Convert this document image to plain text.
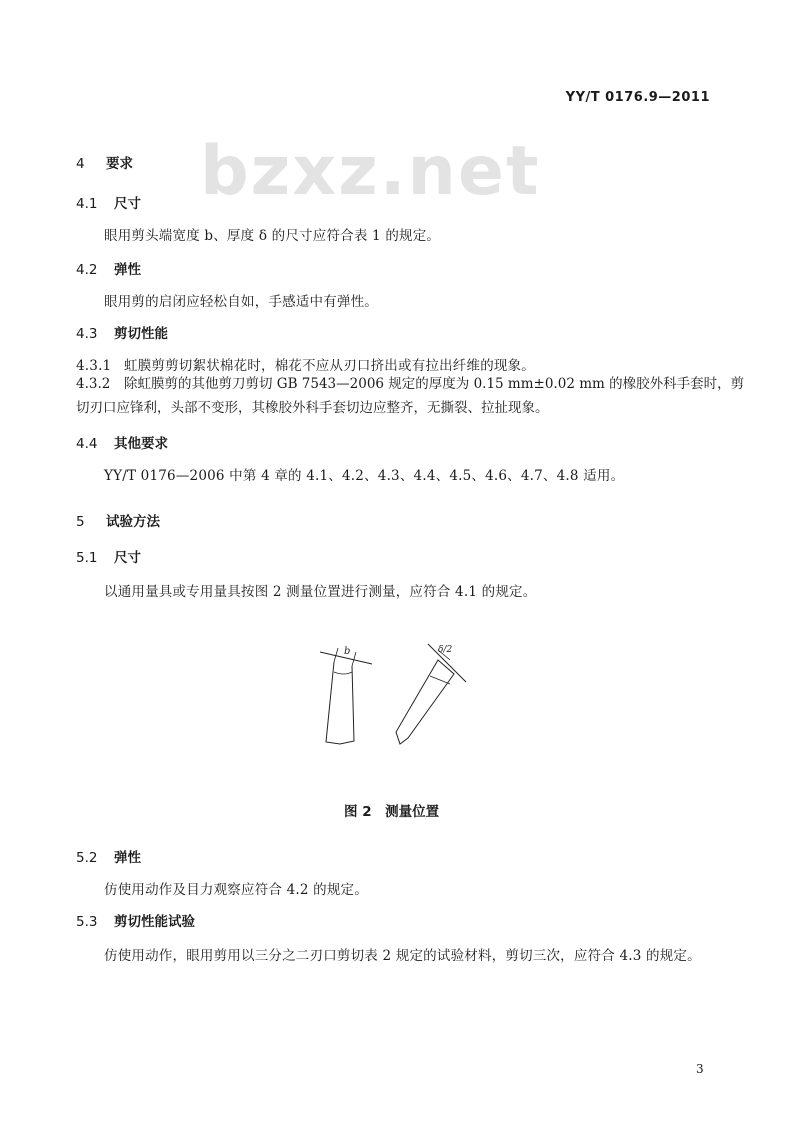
YY/T 0176.9—2011
bzxz.net
4 要求
4.1 尺寸
眼用剪头端宽度 b、厚度 δ 的尺寸应符合表 1 的规定。
4.2 弹性
眼用剪的启闭应轻松自如，手感适中有弹性。
4.3 剪切性能
4.3.1 虹膜剪剪切絮状棉花时，棉花不应从刃口挤出或有拉出纤维的现象。
4.3.2 除虹膜剪的其他剪刀剪切 GB 7543—2006 规定的厚度为 0.15 mm±0.02 mm 的橡胶外科手套时，剪切刃口应锋利，头部不变形，其橡胶外科手套切边应整齐，无撕裂、拉扯现象。
4.4 其他要求
YY/T 0176—2006 中第 4 章的 4.1、4.2、4.3、4.4、4.5、4.6、4.7、4.8 适用。
5 试验方法
5.1 尺寸
以通用量具或专用量具按图 2 测量位置进行测量，应符合 4.1 的规定。
b	δ/2
图 2　测量位置
5.2 弹性
仿使用动作及目力观察应符合 4.2 的规定。
5.3 剪切性能试验
仿使用动作，眼用剪用以三分之二刃口剪切表 2 规定的试验材料，剪切三次，应符合 4.3 的规定。
3
